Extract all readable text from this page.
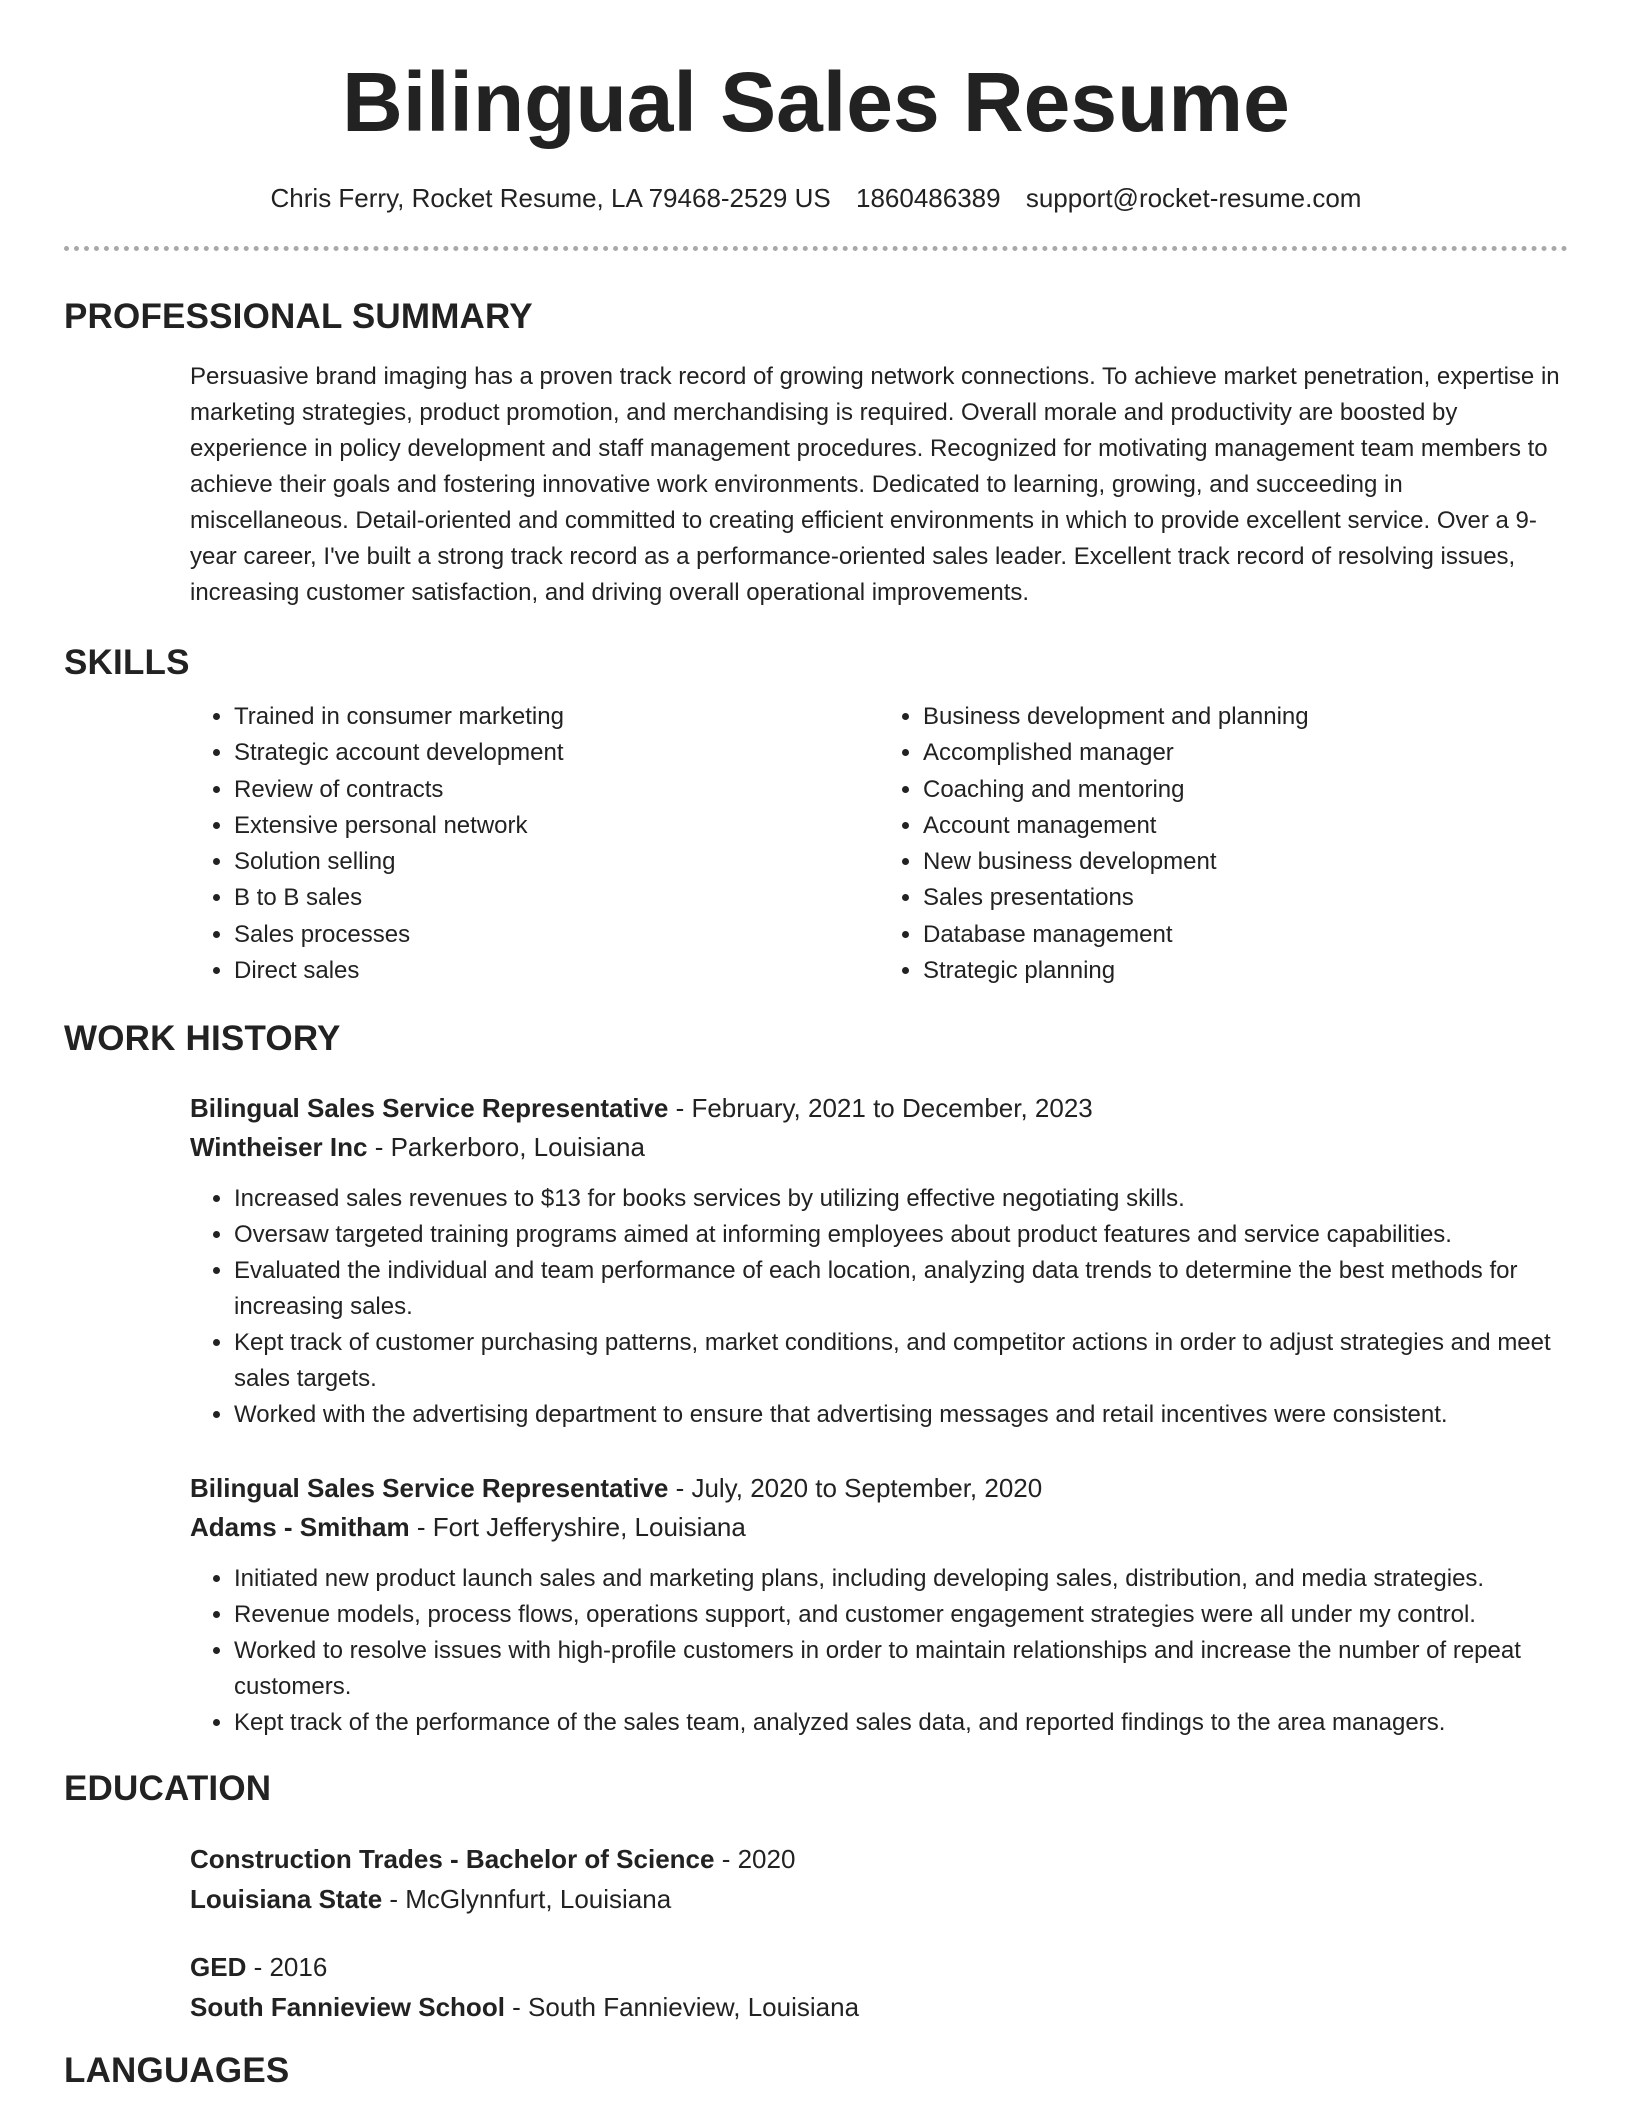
Bilingual Sales Resume
Chris Ferry, Rocket Resume, LA 79468-2529 US 1860486389 support@rocket-resume.com
PROFESSIONAL SUMMARY

Persuasive brand imaging has a proven track record of growing network connections. To achieve market penetration, expertise in marketing strategies, product promotion, and merchandising is required. Overall morale and productivity are boosted by experience in policy development and staff management procedures. Recognized for motivating management team members to achieve their goals and fostering innovative work environments. Dedicated to learning, growing, and succeeding in miscellaneous. Detail-oriented and committed to creating efficient environments in which to provide excellent service. Over a 9-year career, I've built a strong track record as a performance-oriented sales leader. Excellent track record of resolving issues, increasing customer satisfaction, and driving overall operational improvements.

SKILLS
• Trained in consumer marketing
• Strategic account development
• Review of contracts
• Extensive personal network
• Solution selling
• B to B sales
• Sales processes
• Direct sales
• Business development and planning
• Accomplished manager
• Coaching and mentoring
• Account management
• New business development
• Sales presentations
• Database management
• Strategic planning
WORK HISTORY
Bilingual Sales Service Representative - February, 2021 to December, 2023
Wintheiser Inc - Parkerboro, Louisiana
• Increased sales revenues to $13 for books services by utilizing effective negotiating skills.
• Oversaw targeted training programs aimed at informing employees about product features and service capabilities.
• Evaluated the individual and team performance of each location, analyzing data trends to determine the best methods for increasing sales.
• Kept track of customer purchasing patterns, market conditions, and competitor actions in order to adjust strategies and meet sales targets.
• Worked with the advertising department to ensure that advertising messages and retail incentives were consistent.
Bilingual Sales Service Representative - July, 2020 to September, 2020
Adams - Smitham - Fort Jefferyshire, Louisiana
• Initiated new product launch sales and marketing plans, including developing sales, distribution, and media strategies.
• Revenue models, process flows, operations support, and customer engagement strategies were all under my control.
• Worked to resolve issues with high-profile customers in order to maintain relationships and increase the number of repeat customers.
• Kept track of the performance of the sales team, analyzed sales data, and reported findings to the area managers.
EDUCATION
Construction Trades - Bachelor of Science - 2020
Louisiana State - McGlynnfurt, Louisiana
GED - 2016
South Fannieview School - South Fannieview, Louisiana
LANGUAGES
